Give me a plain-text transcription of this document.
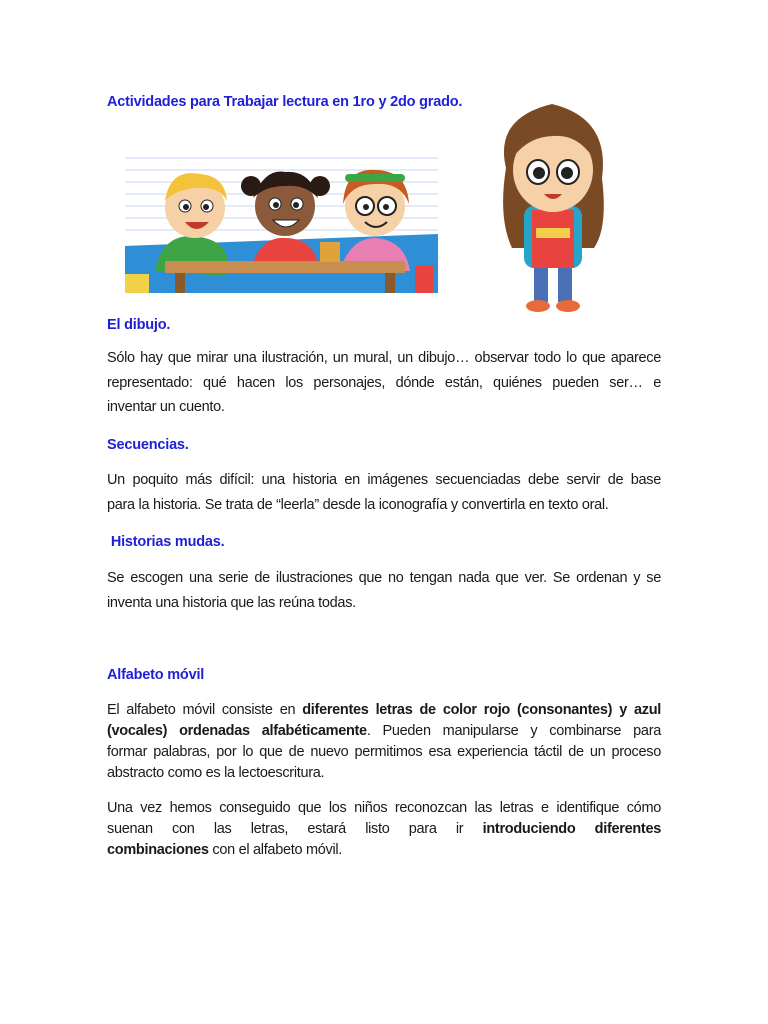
Actividades para Trabajar lectura en 1ro y 2do grado.
El dibujo.
Sólo hay que mirar una ilustración, un mural, un dibujo… observar todo lo que aparece
representado: qué hacen los personajes, dónde están, quiénes pueden ser… e
inventar un cuento.
Secuencias.
Un poquito más difícil: una historia en imágenes secuenciadas debe servir de base
para la historia. Se trata de “leerla” desde la iconografía y convertirla en texto oral.
Historias mudas.
Se escogen una serie de ilustraciones que no tengan nada que ver. Se ordenan y se
inventa una historia que las reúna todas.
Alfabeto móvil
El alfabeto móvil consiste en diferentes letras de color rojo (consonantes) y azul
(vocales) ordenadas alfabéticamente. Pueden manipularse y combinarse para
formar palabras, por lo que de nuevo permitimos esa experiencia táctil de un proceso
abstracto como es la lectoescritura.
Una vez hemos conseguido que los niños reconozcan las letras e identifique cómo
suenan con las letras, estará listo para ir introduciendo diferentes
combinaciones con el alfabeto móvil.
